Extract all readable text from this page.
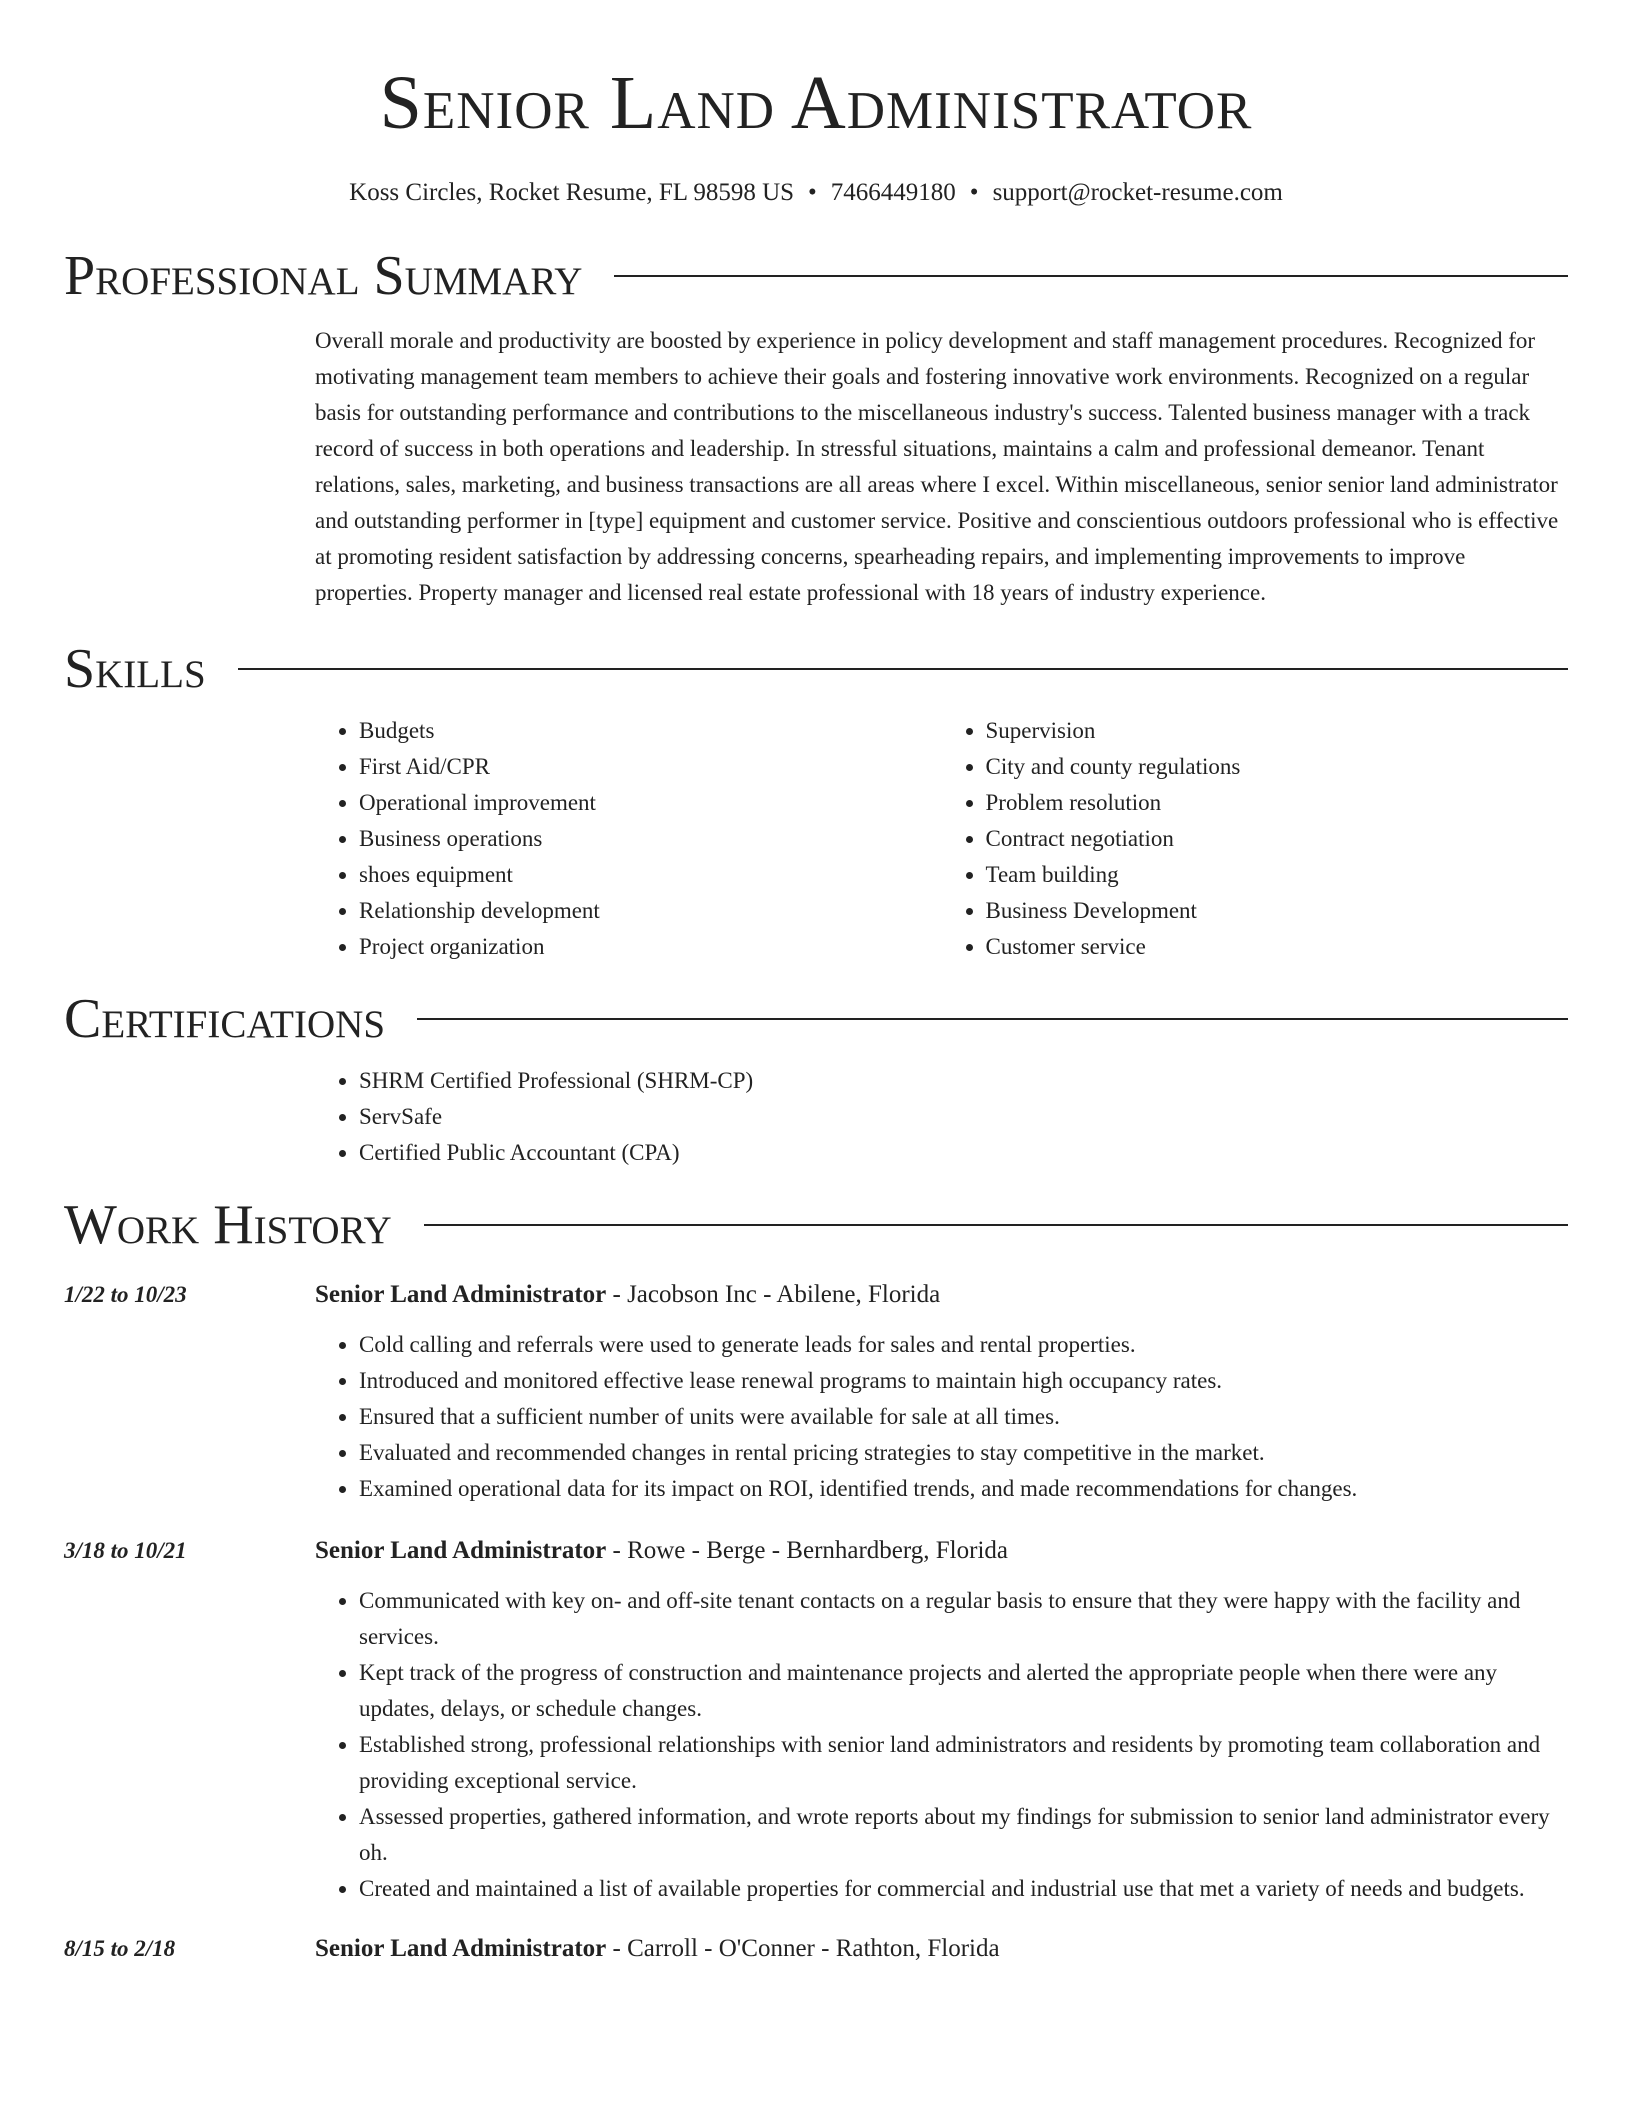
Senior Land Administrator
Koss Circles, Rocket Resume, FL 98598 US • 7466449180 • support@rocket-resume.com
Professional Summary

Overall morale and productivity are boosted by experience in policy development and staff management procedures. Recognized for motivating management team members to achieve their goals and fostering innovative work environments. Recognized on a regular basis for outstanding performance and contributions to the miscellaneous industry's success. Talented business manager with a track record of success in both operations and leadership. In stressful situations, maintains a calm and professional demeanor. Tenant relations, sales, marketing, and business transactions are all areas where I excel. Within miscellaneous, senior senior land administrator and outstanding performer in [type] equipment and customer service. Positive and conscientious outdoors professional who is effective at promoting resident satisfaction by addressing concerns, spearheading repairs, and implementing improvements to improve properties. Property manager and licensed real estate professional with 18 years of industry experience.

Skills
• Budgets
• First Aid/CPR
• Operational improvement
• Business operations
• shoes equipment
• Relationship development
• Project organization
• Supervision
• City and county regulations
• Problem resolution
• Contract negotiation
• Team building
• Business Development
• Customer service
Certifications
• SHRM Certified Professional (SHRM-CP)
• ServSafe
• Certified Public Accountant (CPA)
Work History
1/22 to 10/23	Senior Land Administrator - Jacobson Inc - Abilene, Florida
• Cold calling and referrals were used to generate leads for sales and rental properties.
• Introduced and monitored effective lease renewal programs to maintain high occupancy rates.
• Ensured that a sufficient number of units were available for sale at all times.
• Evaluated and recommended changes in rental pricing strategies to stay competitive in the market.
• Examined operational data for its impact on ROI, identified trends, and made recommendations for changes.
3/18 to 10/21	Senior Land Administrator - Rowe - Berge - Bernhardberg, Florida
• Communicated with key on- and off-site tenant contacts on a regular basis to ensure that they were happy with the facility and services.
• Kept track of the progress of construction and maintenance projects and alerted the appropriate people when there were any updates, delays, or schedule changes.
• Established strong, professional relationships with senior land administrators and residents by promoting team collaboration and providing exceptional service.
• Assessed properties, gathered information, and wrote reports about my findings for submission to senior land administrator every oh.
• Created and maintained a list of available properties for commercial and industrial use that met a variety of needs and budgets.
8/15 to 2/18	Senior Land Administrator - Carroll - O'Conner - Rathton, Florida
